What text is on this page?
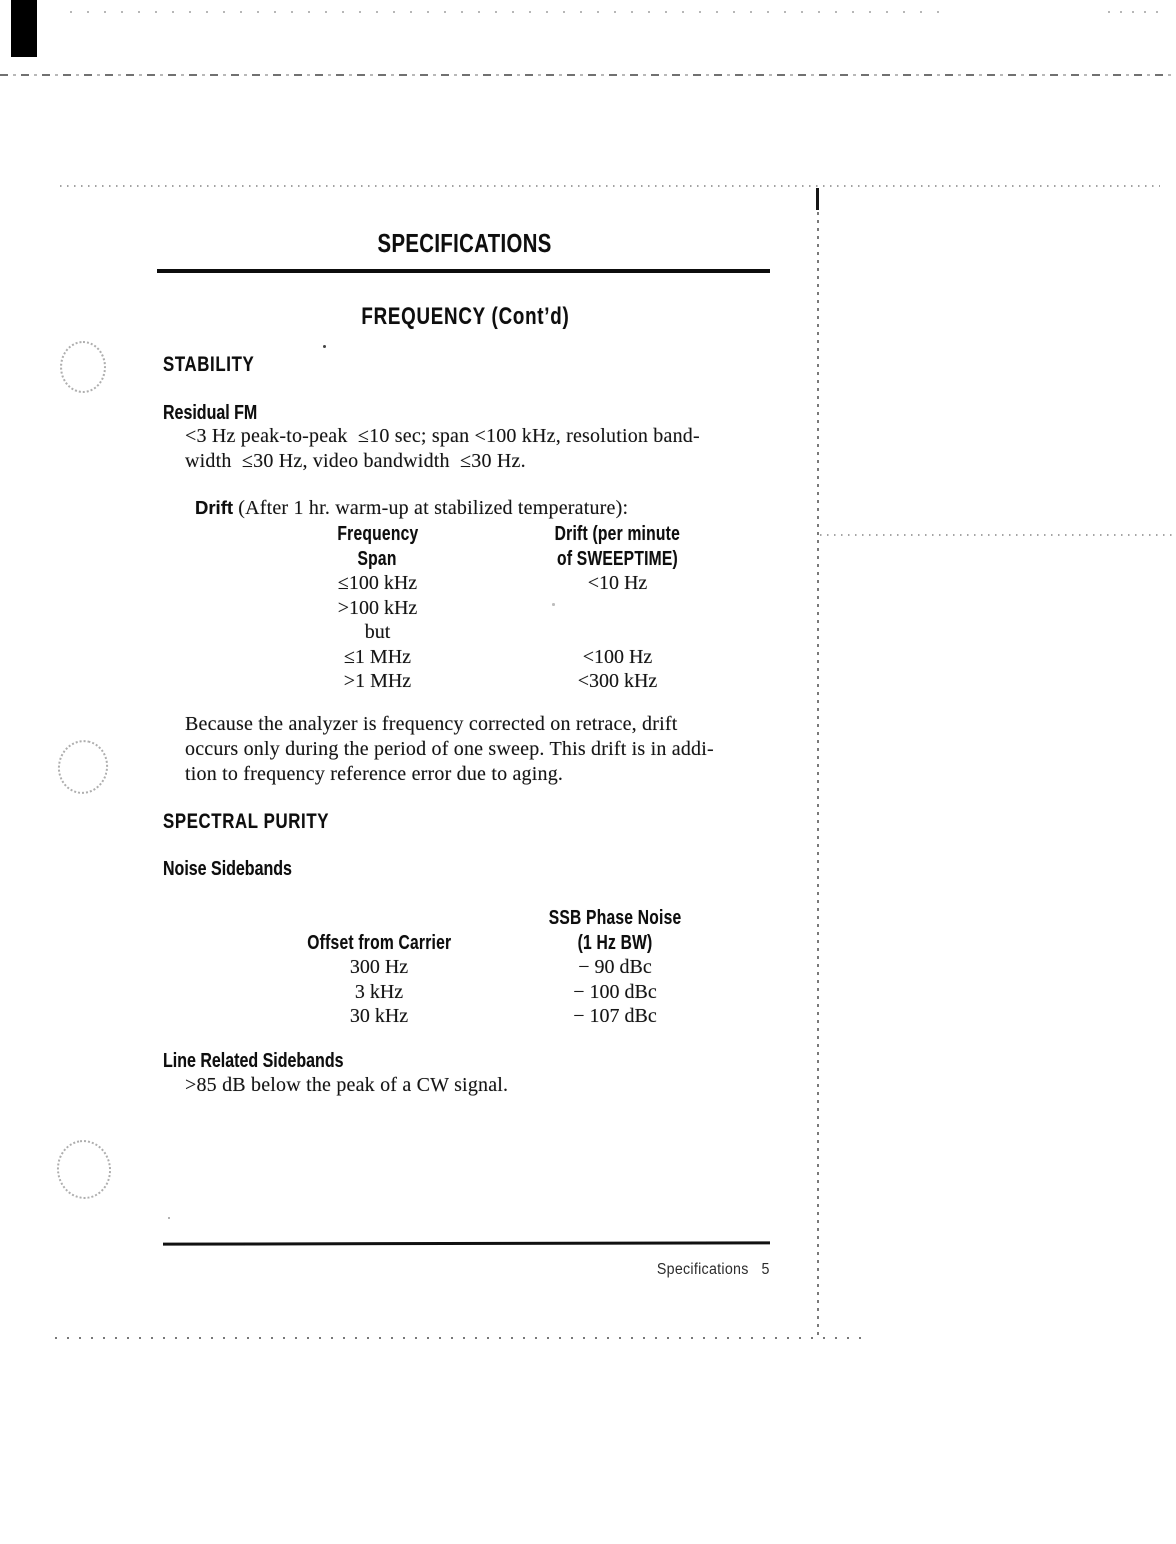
SPECIFICATIONS
FREQUENCY (Cont’d)
STABILITY
Residual FM
<3 Hz peak-to-peak  ≤10 sec; span <100 kHz, resolution band-
width  ≤30 Hz, video bandwidth  ≤30 Hz.

Drift (After 1 hr. warm-up at stabilized temperature):

Frequency
Span
≤100 kHz
>100 kHz
but
≤1 MHz
>1 MHz
Drift (per minute
of SWEEPTIME)
<10 Hz
<100 Hz
<300 kHz
Because the analyzer is frequency corrected on retrace, drift
occurs only during the period of one sweep. This drift is in addi-
tion to frequency reference error due to aging.
SPECTRAL PURITY
Noise Sidebands
Offset from Carrier
300 Hz
3 kHz
30 kHz
SSB Phase Noise
(1 Hz BW)
− 90 dBc
− 100 dBc
− 107 dBc
Line Related Sidebands
>85 dB below the peak of a CW signal.
Specifications 5
